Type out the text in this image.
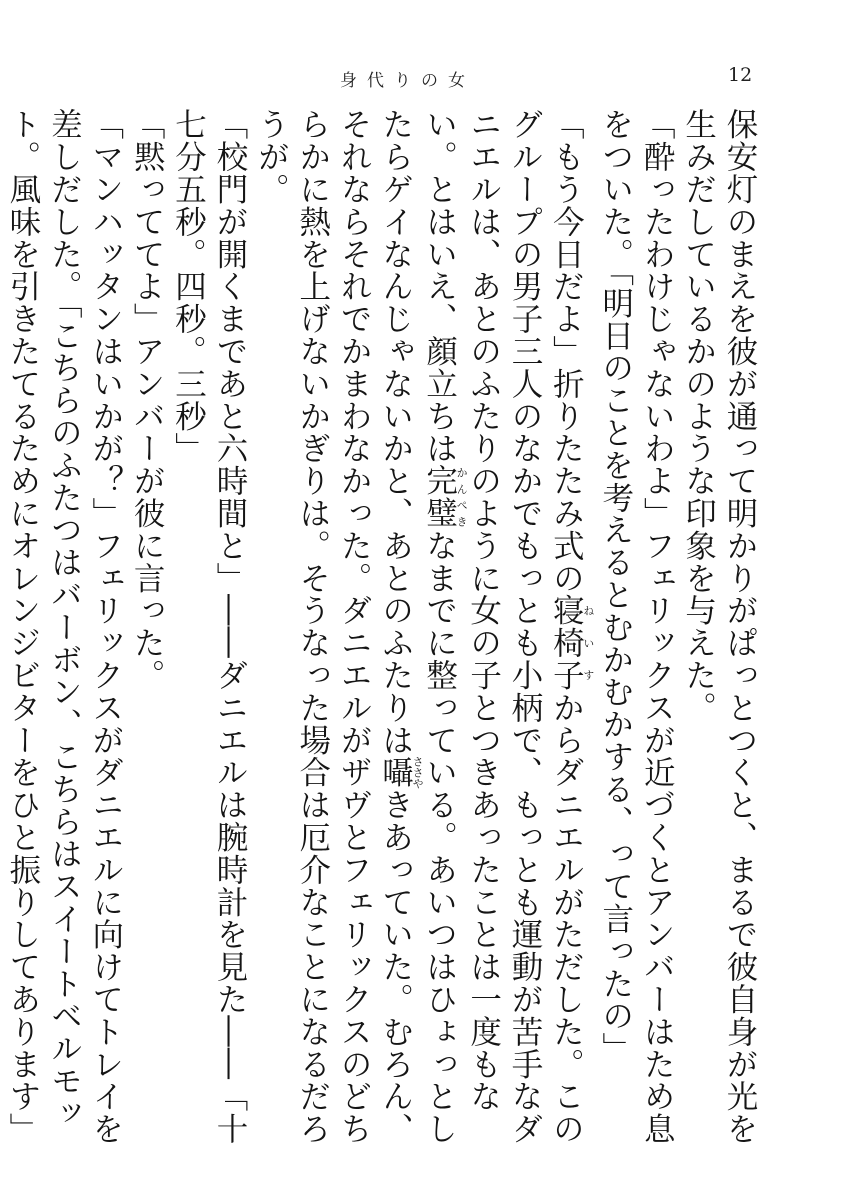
身代りの女	12

保安灯のまえを彼が通って明かりがぱっとつくと、まるで彼自身が光を生みだしているかのような印象を与えた。

「酔ったわけじゃないわよ」フェリックスが近づくとアンバーはため息をついた。「明日のことを考えるとむかむかする、って言ったの」

「もう今日だよ」折りたたみ式の寝椅子ねいすからダニエルがただした。このグループの男子三人のなかでもっとも小柄で、もっとも運動が苦手なダニエルは、あとのふたりのように女の子とつきあったことは一度もない。とはいえ、顔立ちは完璧かんぺきなまでに整っている。あいつはひょっとしたらゲイなんじゃないかと、あとのふたりは囁ささやきあっていた。むろん、それならそれでかまわなかった。ダニエルがザヴとフェリックスのどちらかに熱を上げないかぎりは。そうなった場合は厄介なことになるだろうが。

「校門が開くまであと六時間と」――ダニエルは腕時計を見た――「十七分五秒。四秒。三秒」

「黙っててよ」アンバーが彼に言った。

「マンハッタンはいかが？」フェリックスがダニエルに向けてトレイを差しだした。「こちらのふたつはバーボン、こちらはスイートベルモット。風味を引きたてるためにオレンジビターをひと振りしてあります」
